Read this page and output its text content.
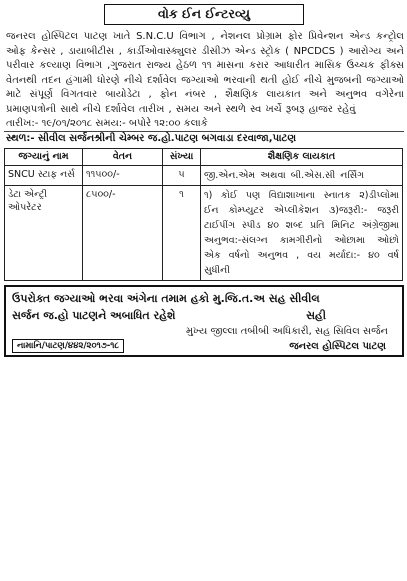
વોક ઈન ઈન્ટરવ્યુ

જનરલ હોસ્પિટલ પાટણ ખાતે S.N.C.U વિભાગ , નેશનલ પ્રોગ્રામ ફોર પ્રિવેન્શન એન્ડ કન્ટ્રોલ ઓફ કેન્સર , ડાયાબીટીસ , કાર્ડીઓવાસ્ક્યુલર ડીસીઝ એન્ડ સ્ટ્રોક ( NPCDCS ) આરોગ્ય અને પરીવાર કલ્યાણ વિભાગ ,ગુજરાત રાજ્ય હેઠળ ૧૧ માસના કરાર આધારીત માસિક ઉચ્ચક ફીક્સ વેતનથી તદન હંગામી ધોરણે નીચે દર્શાવેલ જગ્યાઓ ભરવાની થતી હોઈ નીચે મુજબની જગ્યાઓ માટે સંપૂર્ણ વિગતવાર બાયોડેટા , ફોન નંબર , શૈક્ષણિક લાયકાત અને અનુભવ વગેરેના પ્રમાણપત્રોની સાથે નીચે દર્શાવેલ તારીખ , સમય અને સ્થળે સ્વ ખર્ચે રૂબરૂ હાજર રહેવું

તારીખ:- ૧૯/૦૧/૨૦૧૮ સમય:- બપોરે ૧૨:૦૦ કલાકે
સ્થળ:- સીવીલ સર્જનશ્રીની ચેમ્બર જ.હો.પાટણ બગવાડા દરવાજા,પાટણ
જગ્યાનું નામ	વેતન	સંખ્યા	શૈક્ષણિક લાયકાત
SNCU સ્ટાફ નર્સ	૧૧૫૦૦/-	૫	જી.એન.એમ અથવા બી.એસ.સી નર્સિંગ
ડેટા એન્ટ્રી ઓપરેટર	૮૫૦૦/-	૧	૧) કોઈ પણ વિદ્યાશાખાના સ્નાતક ૨)ડીપ્લોમા ઈન કોમ્પ્યુટર એપ્લીકેશન ૩)જરૂરી:- જરૂરી ટાઈપીંગ સ્પીડ ૪૦ શબ્દ પ્રતિ મિનિટ અંગ્રેજીમા અનુભવ:-સંલગ્ન કામગીરીનો ઓછામા ઓછો એક વર્ષનો અનુભવ , વય મર્યાદા:- ૪૦ વર્ષ સુધીની
ઉપરોક્ત જગ્યાઓ ભરવા અંગેના તમામ હકો મુ.જિ.ત.અ સહ સીવીલ
સર્જન જ.હો પાટણને અબાધિત રહેશે	સહી
મુખ્ય જીલ્લા તબીબી અધિકારી, સહ સિવિલ સર્જન
નામાનિ/પાટણ/૪૪૨/૨૦૧૭-૧૮	જનરલ હોસ્પિટલ પાટણ
